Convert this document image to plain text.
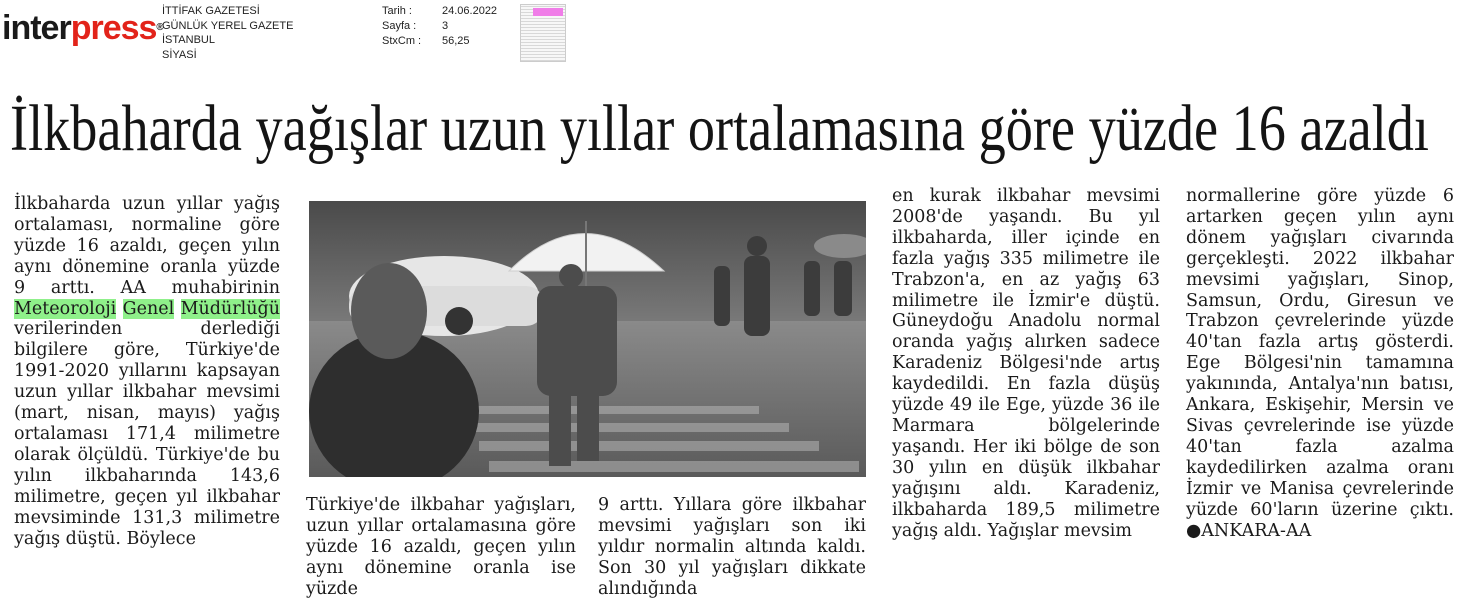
interpress®
İTTİFAK GAZETESİ
GÜNLÜK YEREL GAZETE
İSTANBUL
SİYASİ
Tarih :	24.06.2022
Sayfa :	3
StxCm :	56,25
İlkbaharda yağışlar uzun yıllar ortalamasına göre yüzde 16 azaldı

İlkbaharda uzun yıllar yağış ortalaması, normaline göre yüzde 16 azaldı, geçen yılın aynı dönemine oranla yüzde 9 arttı. AA muhabirinin Meteoroloji Genel Müdürlüğü verilerinden derlediği bilgilere göre, Türkiye'de 1991-2020 yıllarını kapsayan uzun yıllar ilkbahar mevsimi (mart, nisan, mayıs) yağış ortalaması 171,4 milimetre olarak ölçüldü. Türkiye'de bu yılın ilkbaharında 143,6 milimetre, geçen yıl ilkbahar mevsiminde 131,3 milimetre yağış düştü. Böylece

Türkiye'de ilkbahar yağışları, uzun yıllar ortalamasına göre yüzde 16 azaldı, geçen yılın aynı dönemine oranla ise yüzde

9 arttı. Yıllara göre ilkbahar mevsimi yağışları son iki yıldır normalin altında kaldı. Son 30 yıl yağışları dikkate alındığında

en kurak ilkbahar mevsimi 2008'de yaşandı. Bu yıl ilkbaharda, iller içinde en fazla yağış 335 milimetre ile Trabzon'a, en az yağış 63 milimetre ile İzmir'e düştü. Güneydoğu Anadolu normal oranda yağış alırken sadece Karadeniz Bölgesi'nde artış kaydedildi. En fazla düşüş yüzde 49 ile Ege, yüzde 36 ile Marmara bölgelerinde yaşandı. Her iki bölge de son 30 yılın en düşük ilkbahar yağışını aldı. Karadeniz, ilkbaharda 189,5 milimetre yağış aldı. Yağışlar mevsim

normallerine göre yüzde 6 artarken geçen yılın aynı dönem yağışları civarında gerçekleşti. 2022 ilkbahar mevsimi yağışları, Sinop, Samsun, Ordu, Giresun ve Trabzon çevrelerinde yüzde 40'tan fazla artış gösterdi. Ege Bölgesi'nin tamamına yakınında, Antalya'nın batısı, Ankara, Eskişehir, Mersin ve Sivas çevrelerinde ise yüzde 40'tan fazla azalma kaydedilirken azalma oranı İzmir ve Manisa çevrelerinde yüzde 60'ların üzerine çıktı. ●ANKARA-AA
